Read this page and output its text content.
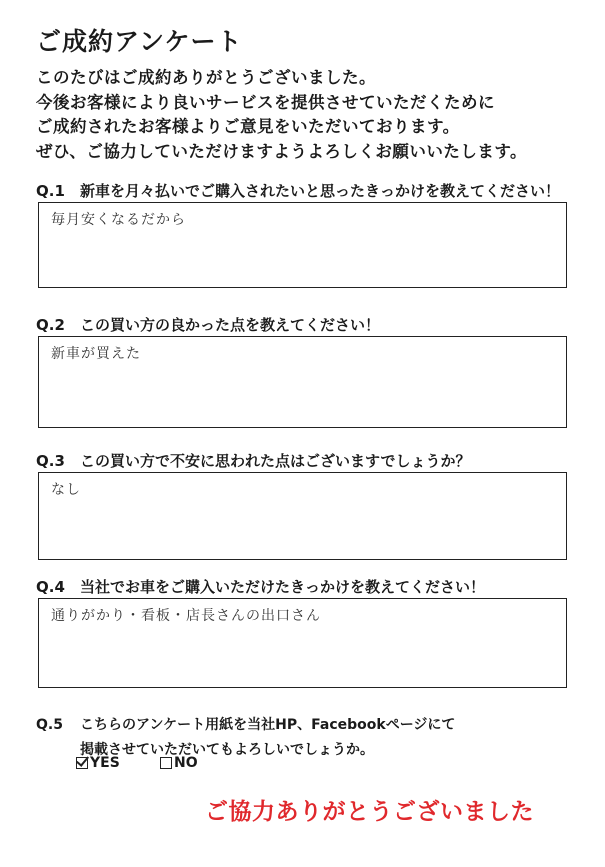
ご成約アンケート
このたびはご成約ありがとうございました。
今後お客様により良いサービスを提供させていただくために
ご成約されたお客様よりご意見をいただいております。
ぜひ、ご協力していただけますようよろしくお願いいたします。
Q.1 新車を月々払いでご購入されたいと思ったきっかけを教えてください！
毎月安くなるだから
Q.2 この買い方の良かった点を教えてください！
新車が買えた
Q.3 この買い方で不安に思われた点はございますでしょうか？
なし
Q.4 当社でお車をご購入いただけたきっかけを教えてください！
通りがかり・看板・店長さんの出口さん
Q.5 こちらのアンケート用紙を当社HP、Facebookページにて
掲載させていただいてもよろしいでしょうか。
YES	NO
ご協力ありがとうございました
